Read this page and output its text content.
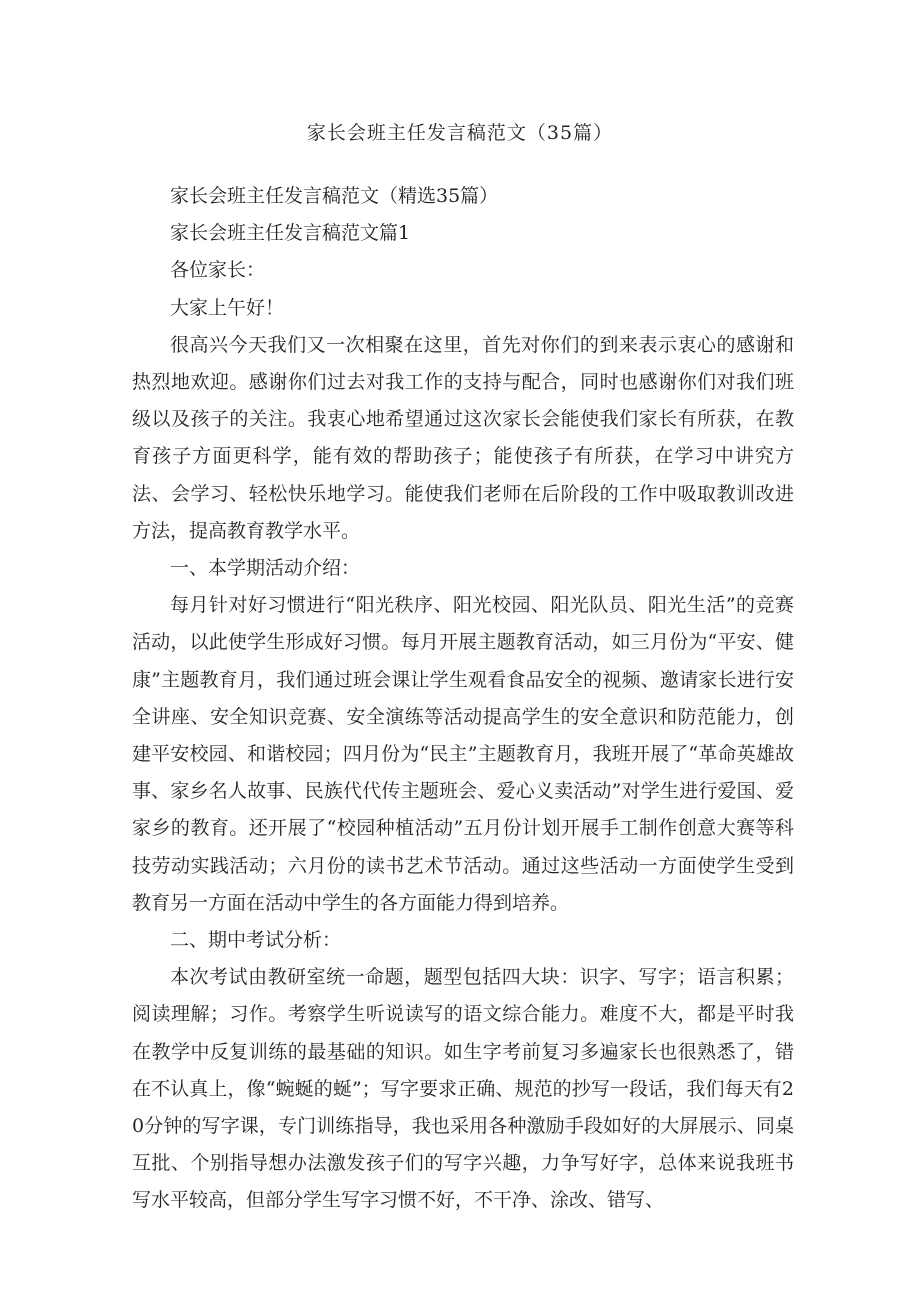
家长会班主任发言稿范文（35篇）

家长会班主任发言稿范文（精选35篇）

家长会班主任发言稿范文篇1

各位家长：

大家上午好！

很高兴今天我们又一次相聚在这里，首先对你们的到来表示衷心的感谢和热烈地欢迎。感谢你们过去对我工作的支持与配合，同时也感谢你们对我们班级以及孩子的关注。我衷心地希望通过这次家长会能使我们家长有所获，在教育孩子方面更科学，能有效的帮助孩子；能使孩子有所获，在学习中讲究方法、会学习、轻松快乐地学习。能使我们老师在后阶段的工作中吸取教训改进方法，提高教育教学水平。

一、本学期活动介绍：

每月针对好习惯进行“阳光秩序、阳光校园、阳光队员、阳光生活”的竞赛活动，以此使学生形成好习惯。每月开展主题教育活动，如三月份为“平安、健康”主题教育月，我们通过班会课让学生观看食品安全的视频、邀请家长进行安全讲座、安全知识竞赛、安全演练等活动提高学生的安全意识和防范能力，创建平安校园、和谐校园；四月份为“民主”主题教育月，我班开展了“革命英雄故事、家乡名人故事、民族代代传主题班会、爱心义卖活动”对学生进行爱国、爱家乡的教育。还开展了“校园种植活动”五月份计划开展手工制作创意大赛等科技劳动实践活动；六月份的读书艺术节活动。通过这些活动一方面使学生受到教育另一方面在活动中学生的各方面能力得到培养。

二、期中考试分析：

本次考试由教研室统一命题，题型包括四大块：识字、写字；语言积累；阅读理解；习作。考察学生听说读写的语文综合能力。难度不大，都是平时我在教学中反复训练的最基础的知识。如生字考前复习多遍家长也很熟悉了，错在不认真上，像“蜿蜒的蜒”；写字要求正确、规范的抄写一段话，我们每天有20分钟的写字课，专门训练指导，我也采用各种激励手段如好的大屏展示、同桌互批、个别指导想办法激发孩子们的写字兴趣，力争写好字，总体来说我班书写水平较高，但部分学生写字习惯不好，不干净、涂改、错写、
